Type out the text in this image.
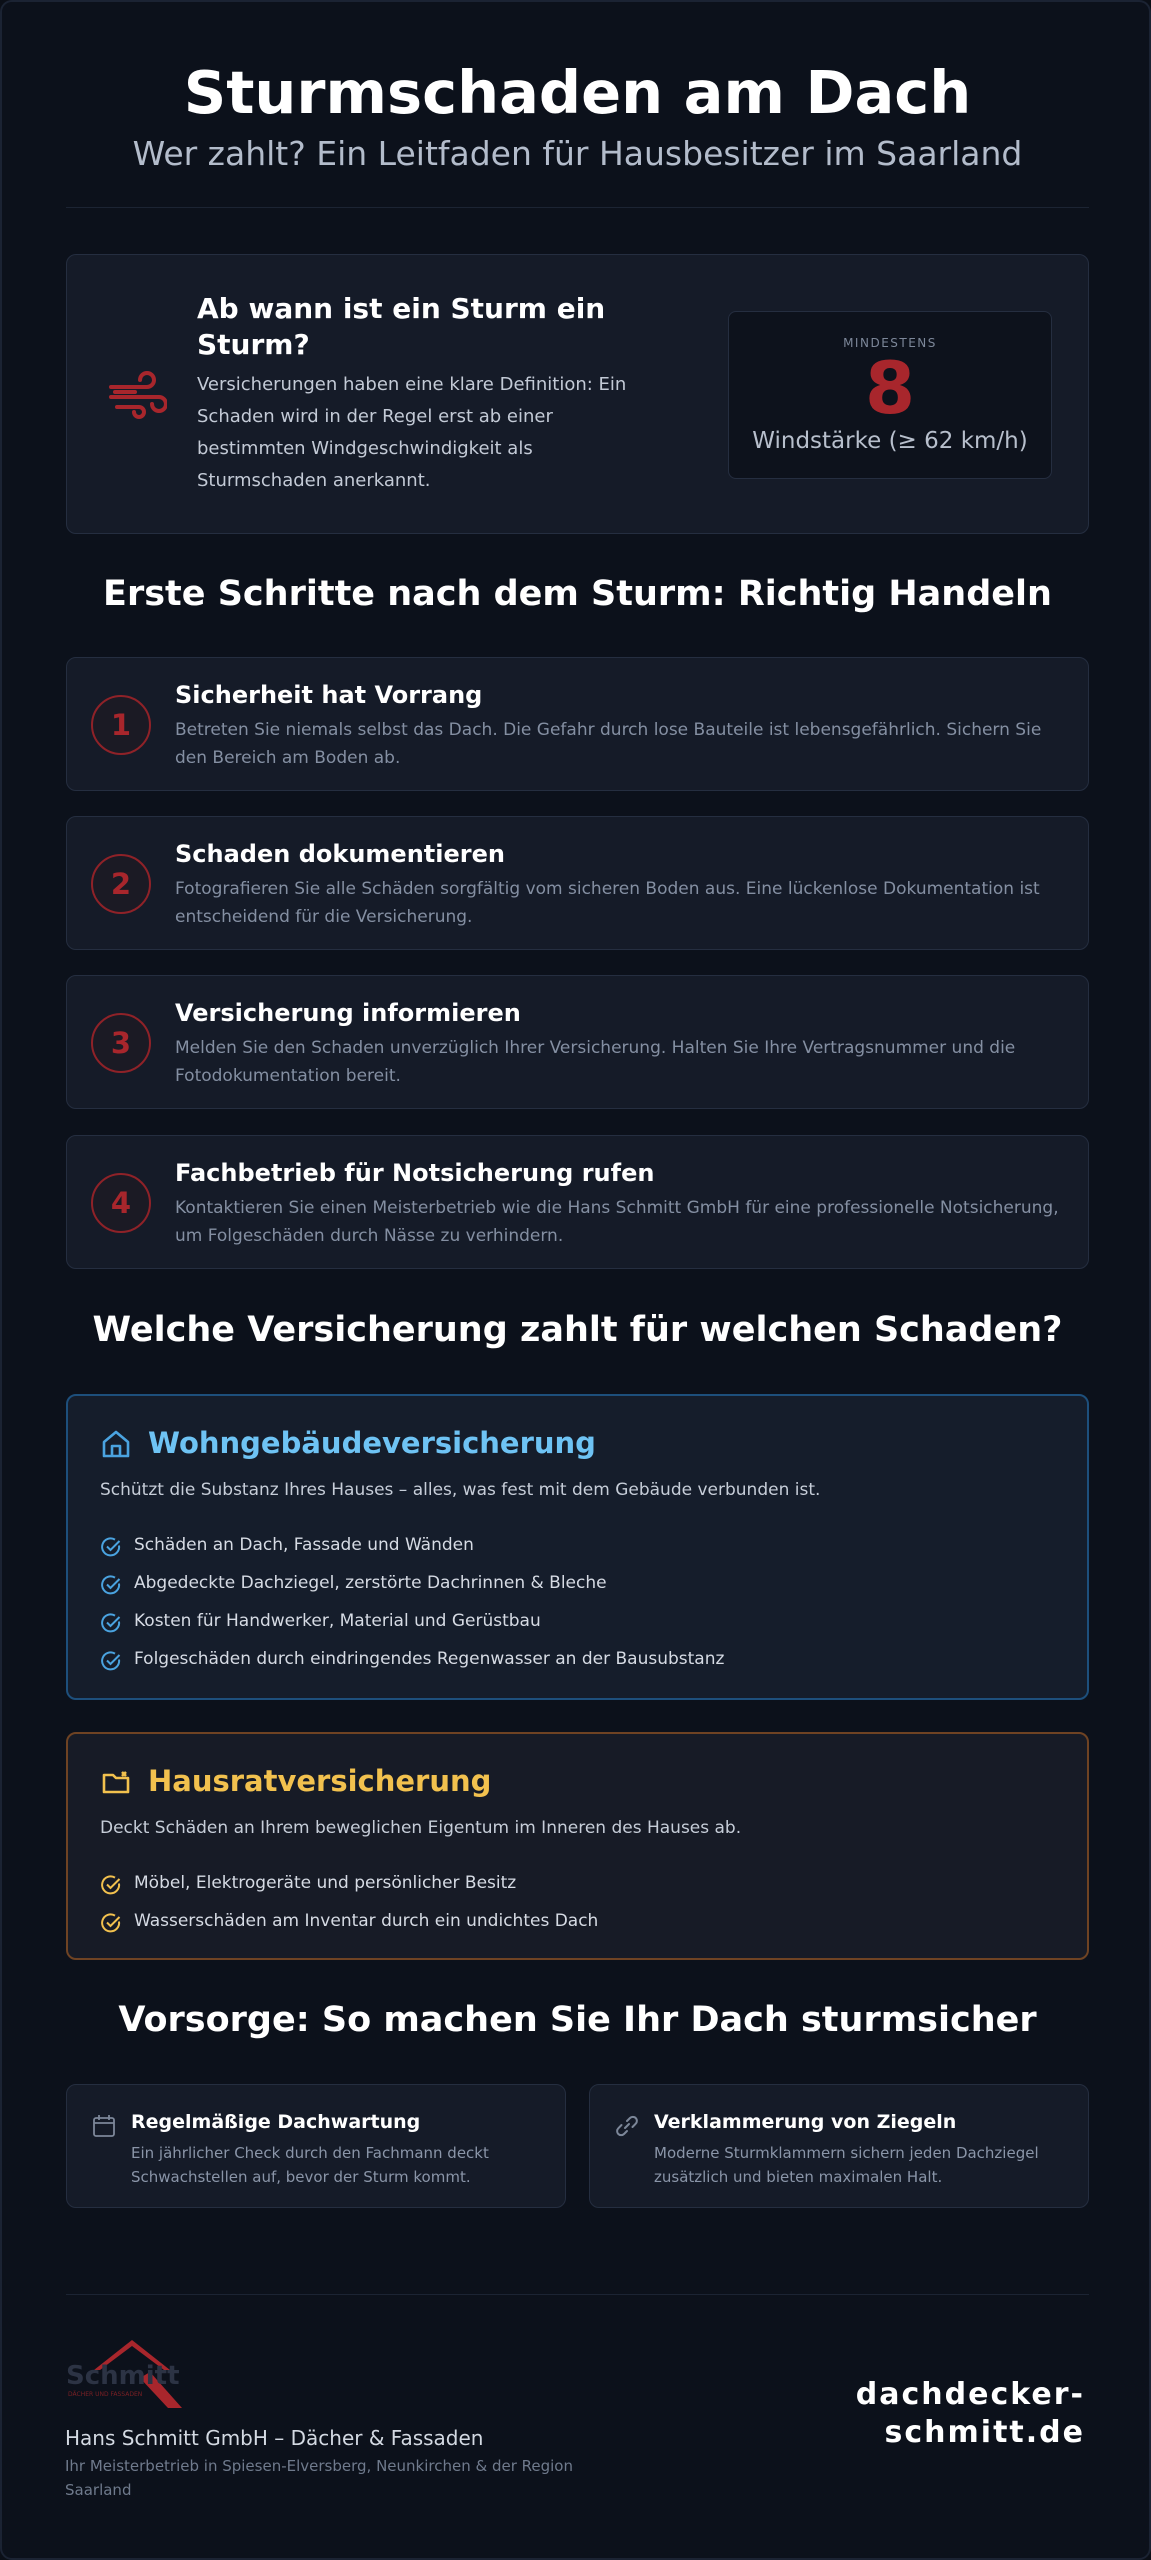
Sturmschaden am Dach
Wer zahlt? Ein Leitfaden für Hausbesitzer im Saarland
Ab wann ist ein Sturm ein Sturm?
Versicherungen haben eine klare Definition: Ein Schaden wird in der Regel erst ab einer bestimmten Windgeschwindigkeit als Sturmschaden anerkannt.
MINDESTENS
8
Windstärke (≥ 62 km/h)
Erste Schritte nach dem Sturm: Richtig Handeln
1
Sicherheit hat Vorrang
Betreten Sie niemals selbst das Dach. Die Gefahr durch lose Bauteile ist lebensgefährlich. Sichern Sie den Bereich am Boden ab.
2
Schaden dokumentieren
Fotografieren Sie alle Schäden sorgfältig vom sicheren Boden aus. Eine lückenlose Dokumentation ist entscheidend für die Versicherung.
3
Versicherung informieren
Melden Sie den Schaden unverzüglich Ihrer Versicherung. Halten Sie Ihre Vertragsnummer und die Fotodokumentation bereit.
4
Fachbetrieb für Notsicherung rufen
Kontaktieren Sie einen Meisterbetrieb wie die Hans Schmitt GmbH für eine professionelle Notsicherung, um Folgeschäden durch Nässe zu verhindern.
Welche Versicherung zahlt für welchen Schaden?
Wohngebäudeversicherung
Schützt die Substanz Ihres Hauses – alles, was fest mit dem Gebäude verbunden ist.
Schäden an Dach, Fassade und Wänden
Abgedeckte Dachziegel, zerstörte Dachrinnen & Bleche
Kosten für Handwerker, Material und Gerüstbau
Folgeschäden durch eindringendes Regenwasser an der Bausubstanz
Hausratversicherung
Deckt Schäden an Ihrem beweglichen Eigentum im Inneren des Hauses ab.
Möbel, Elektrogeräte und persönlicher Besitz
Wasserschäden am Inventar durch ein undichtes Dach
Vorsorge: So machen Sie Ihr Dach sturmsicher
Regelmäßige Dachwartung
Ein jährlicher Check durch den Fachmann deckt Schwachstellen auf, bevor der Sturm kommt.
Verklammerung von Ziegeln
Moderne Sturmklammern sichern jeden Dachziegel zusätzlich und bieten maximalen Halt.
Schmitt
DÄCHER UND FASSADEN
Hans Schmitt GmbH – Dächer & Fassaden
Ihr Meisterbetrieb in Spiesen-Elversberg, Neunkirchen & der Region Saarland
dachdecker-schmitt.de
